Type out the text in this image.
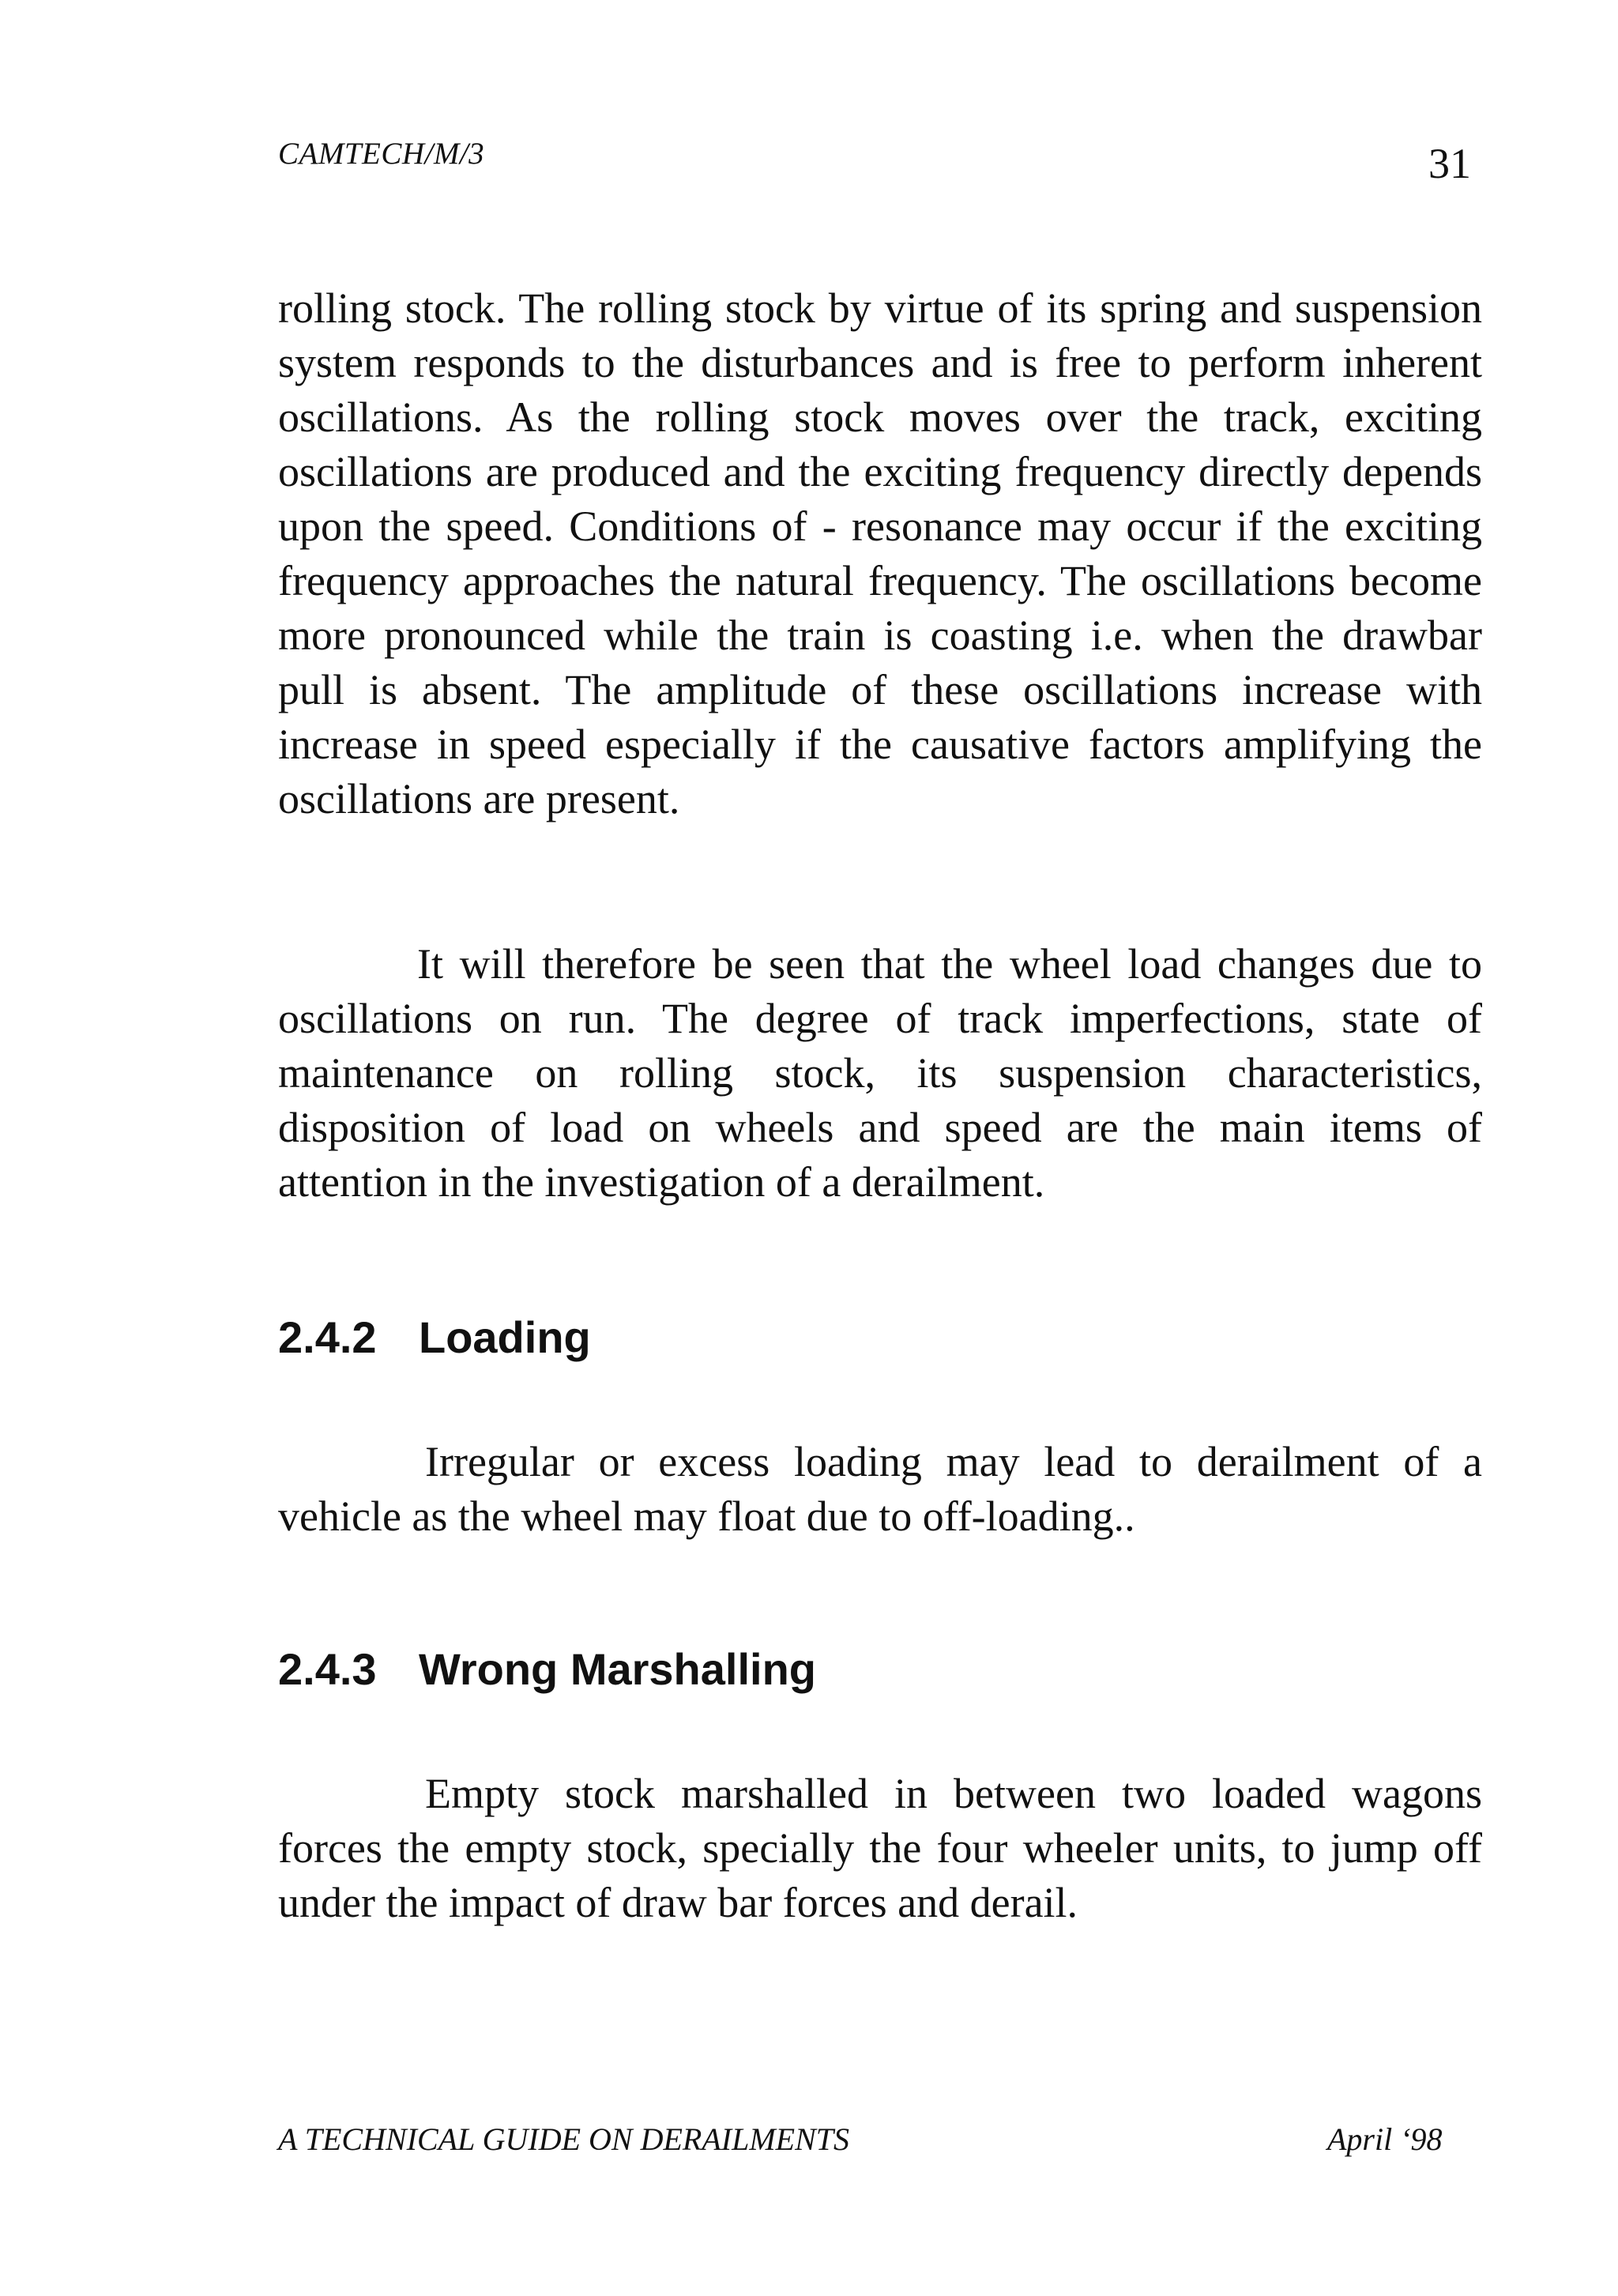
CAMTECH/M/3	31

rolling stock. The rolling stock by virtue of its spring and suspension system responds to the disturbances and is free to perform inherent oscillations. As the rolling stock moves over the track, exciting oscillations are produced and the exciting frequency directly depends upon the speed. Conditions of - resonance may occur if the exciting frequency approaches the natural frequency. The oscillations become more pronounced while the train is coasting i.e. when the drawbar pull is absent. The amplitude of these oscillations increase with increase in speed especially if the causative factors amplifying the oscillations are present.

It will therefore be seen that the wheel load changes due to oscillations on run. The degree of track imperfections, state of maintenance on rolling stock, its suspension characteristics, disposition of load on wheels and speed are the main items of attention in the investigation of a derailment.

2.4.2 Loading

Irregular or excess loading may lead to derailment of a vehicle as the wheel may float due to off-loading..

2.4.3 Wrong Marshalling

Empty stock marshalled in between two loaded wagons forces the empty stock, specially the four wheeler units, to jump off under the impact of draw bar forces and derail.

A TECHNICAL GUIDE ON DERAILMENTS	April ‘98
